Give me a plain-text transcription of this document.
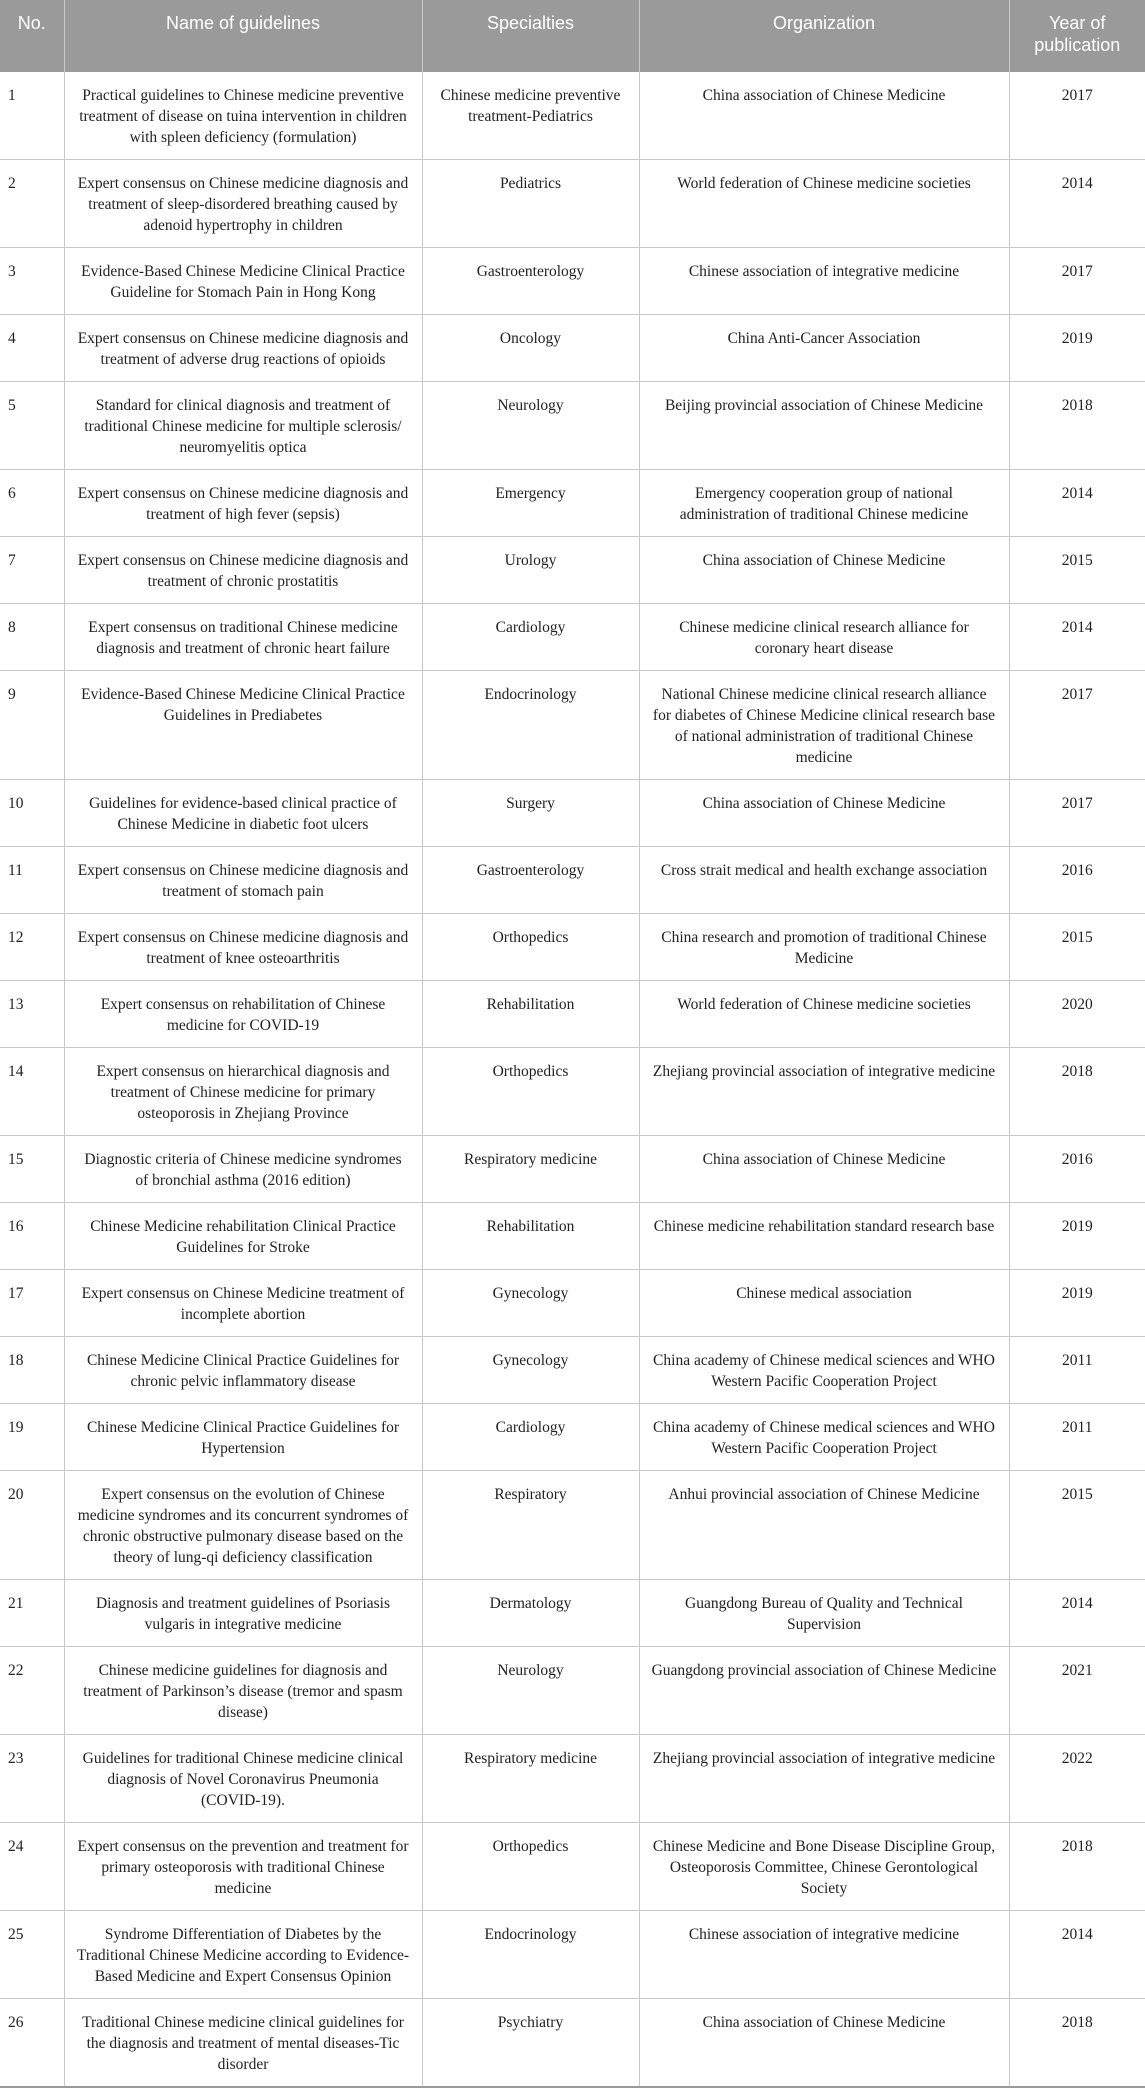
No.	Name of guidelines	Specialties	Organization	Year of publication
1	Practical guidelines to Chinese medicine preventive treatment of disease on tuina intervention in children with spleen deficiency (formulation)	Chinese medicine preventive treatment-Pediatrics	China association of Chinese Medicine	2017
2	Expert consensus on Chinese medicine diagnosis and treatment of sleep-disordered breathing caused by adenoid hypertrophy in children	Pediatrics	World federation of Chinese medicine societies	2014
3	Evidence-Based Chinese Medicine Clinical Practice Guideline for Stomach Pain in Hong Kong	Gastroenterology	Chinese association of integrative medicine	2017
4	Expert consensus on Chinese medicine diagnosis and treatment of adverse drug reactions of opioids	Oncology	China Anti-Cancer Association	2019
5	Standard for clinical diagnosis and treatment of traditional Chinese medicine for multiple sclerosis/ neuromyelitis optica	Neurology	Beijing provincial association of Chinese Medicine	2018
6	Expert consensus on Chinese medicine diagnosis and treatment of high fever (sepsis)	Emergency	Emergency cooperation group of national administration of traditional Chinese medicine	2014
7	Expert consensus on Chinese medicine diagnosis and treatment of chronic prostatitis	Urology	China association of Chinese Medicine	2015
8	Expert consensus on traditional Chinese medicine diagnosis and treatment of chronic heart failure	Cardiology	Chinese medicine clinical research alliance for coronary heart disease	2014
9	Evidence-Based Chinese Medicine Clinical Practice Guidelines in Prediabetes	Endocrinology	National Chinese medicine clinical research alliance for diabetes of Chinese Medicine clinical research base of national administration of traditional Chinese medicine	2017
10	Guidelines for evidence-based clinical practice of Chinese Medicine in diabetic foot ulcers	Surgery	China association of Chinese Medicine	2017
11	Expert consensus on Chinese medicine diagnosis and treatment of stomach pain	Gastroenterology	Cross strait medical and health exchange association	2016
12	Expert consensus on Chinese medicine diagnosis and treatment of knee osteoarthritis	Orthopedics	China research and promotion of traditional Chinese Medicine	2015
13	Expert consensus on rehabilitation of Chinese medicine for COVID-19	Rehabilitation	World federation of Chinese medicine societies	2020
14	Expert consensus on hierarchical diagnosis and treatment of Chinese medicine for primary osteoporosis in Zhejiang Province	Orthopedics	Zhejiang provincial association of integrative medicine	2018
15	Diagnostic criteria of Chinese medicine syndromes of bronchial asthma (2016 edition)	Respiratory medicine	China association of Chinese Medicine	2016
16	Chinese Medicine rehabilitation Clinical Practice Guidelines for Stroke	Rehabilitation	Chinese medicine rehabilitation standard research base	2019
17	Expert consensus on Chinese Medicine treatment of incomplete abortion	Gynecology	Chinese medical association	2019
18	Chinese Medicine Clinical Practice Guidelines for chronic pelvic inflammatory disease	Gynecology	China academy of Chinese medical sciences and WHO Western Pacific Cooperation Project	2011
19	Chinese Medicine Clinical Practice Guidelines for Hypertension	Cardiology	China academy of Chinese medical sciences and WHO Western Pacific Cooperation Project	2011
20	Expert consensus on the evolution of Chinese medicine syndromes and its concurrent syndromes of chronic obstructive pulmonary disease based on the theory of lung-qi deficiency classification	Respiratory	Anhui provincial association of Chinese Medicine	2015
21	Diagnosis and treatment guidelines of Psoriasis vulgaris in integrative medicine	Dermatology	Guangdong Bureau of Quality and Technical Supervision	2014
22	Chinese medicine guidelines for diagnosis and treatment of Parkinson’s disease (tremor and spasm disease)	Neurology	Guangdong provincial association of Chinese Medicine	2021
23	Guidelines for traditional Chinese medicine clinical diagnosis of Novel Coronavirus Pneumonia (COVID-19).	Respiratory medicine	Zhejiang provincial association of integrative medicine	2022
24	Expert consensus on the prevention and treatment for primary osteoporosis with traditional Chinese medicine	Orthopedics	Chinese Medicine and Bone Disease Discipline Group, Osteoporosis Committee, Chinese Gerontological Society	2018
25	Syndrome Differentiation of Diabetes by the Traditional Chinese Medicine according to Evidence-Based Medicine and Expert Consensus Opinion	Endocrinology	Chinese association of integrative medicine	2014
26	Traditional Chinese medicine clinical guidelines for the diagnosis and treatment of mental diseases-Tic disorder	Psychiatry	China association of Chinese Medicine	2018
